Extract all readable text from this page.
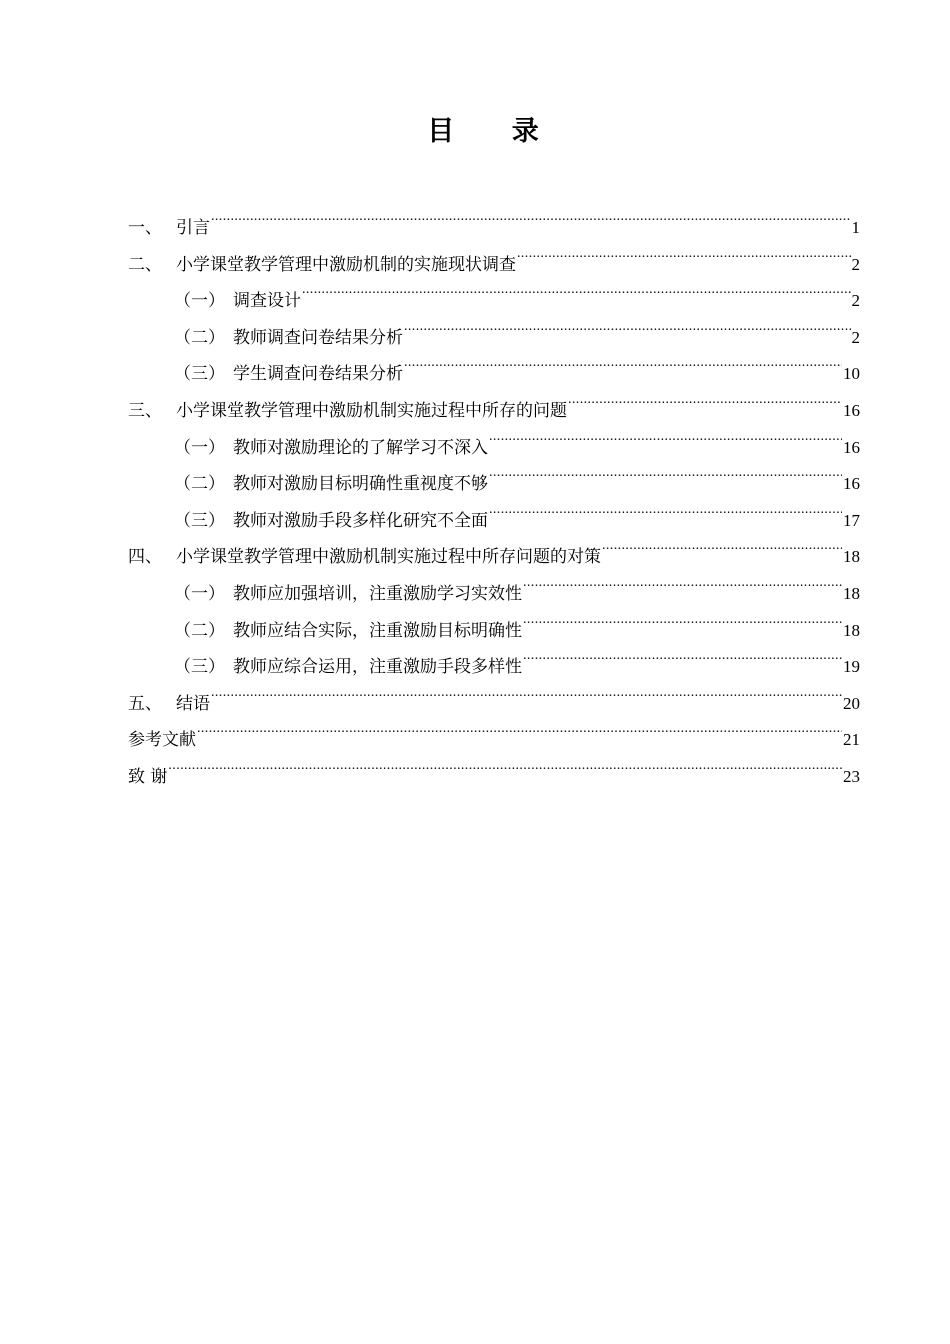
目 录
一、 引言 .....	1
二、 小学课堂教学管理中激励机制的实施现状调查 .....	2
（一） 调查设计 .....	2
（二） 教师调查问卷结果分析 .....	2
（三） 学生调查问卷结果分析 .....	10
三、 小学课堂教学管理中激励机制实施过程中所存的问题 .....	16
（一） 教师对激励理论的了解学习不深入 .....	16
（二） 教师对激励目标明确性重视度不够 .....	16
（三） 教师对激励手段多样化研究不全面 .....	17
四、 小学课堂教学管理中激励机制实施过程中所存问题的对策 .....	18
（一） 教师应加强培训，注重激励学习实效性 .....	18
（二） 教师应结合实际，注重激励目标明确性 .....	18
（三） 教师应综合运用，注重激励手段多样性 .....	19
五、 结语 .....	20
参考文献 .....	21
致 谢 .....	23
